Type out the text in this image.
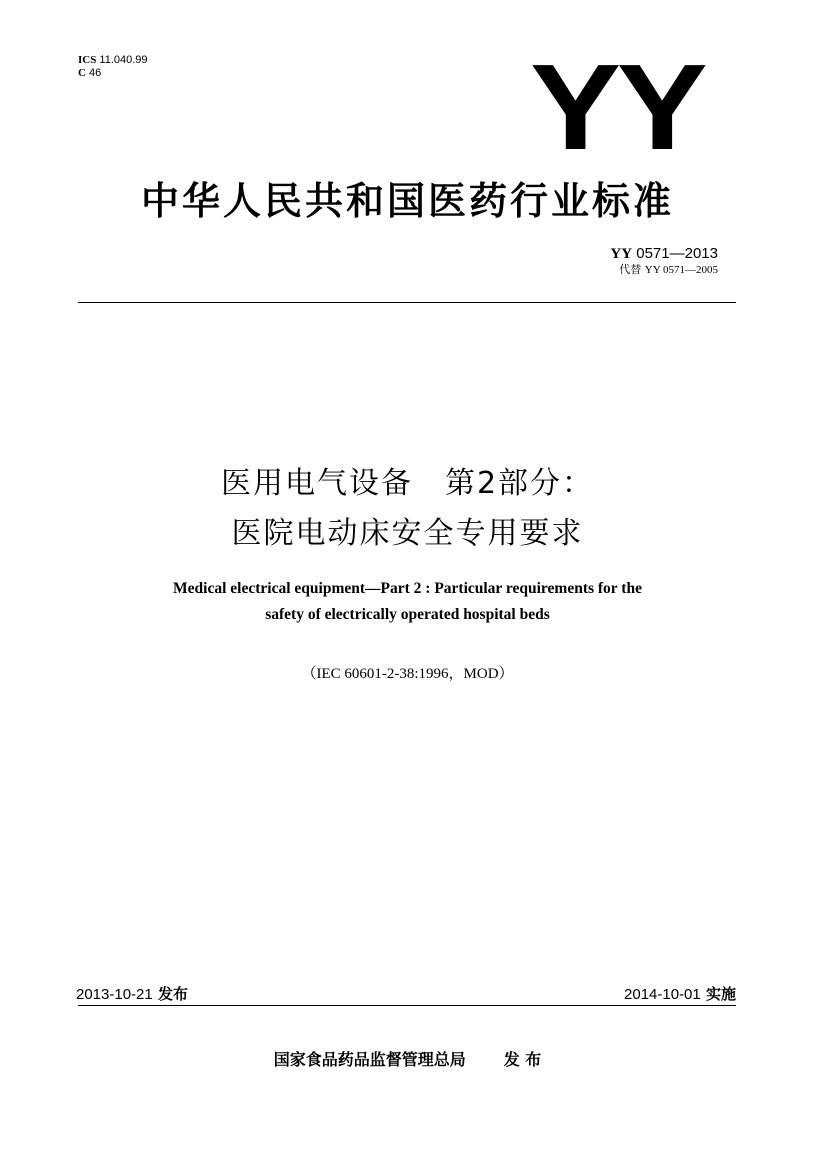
ICS 11.040.99
C 46	YY
中华人民共和国医药行业标准
YY 0571—2013
代替 YY 0571—2005
医用电气设备　第2部分：
医院电动床安全专用要求
Medical electrical equipment—Part 2 : Particular requirements for the
safety of electrically operated hospital beds
（IEC 60601-2-38:1996，MOD）
2013-10-21 发布	2014-10-01 实施
国家食品药品监督管理总局 发 布
